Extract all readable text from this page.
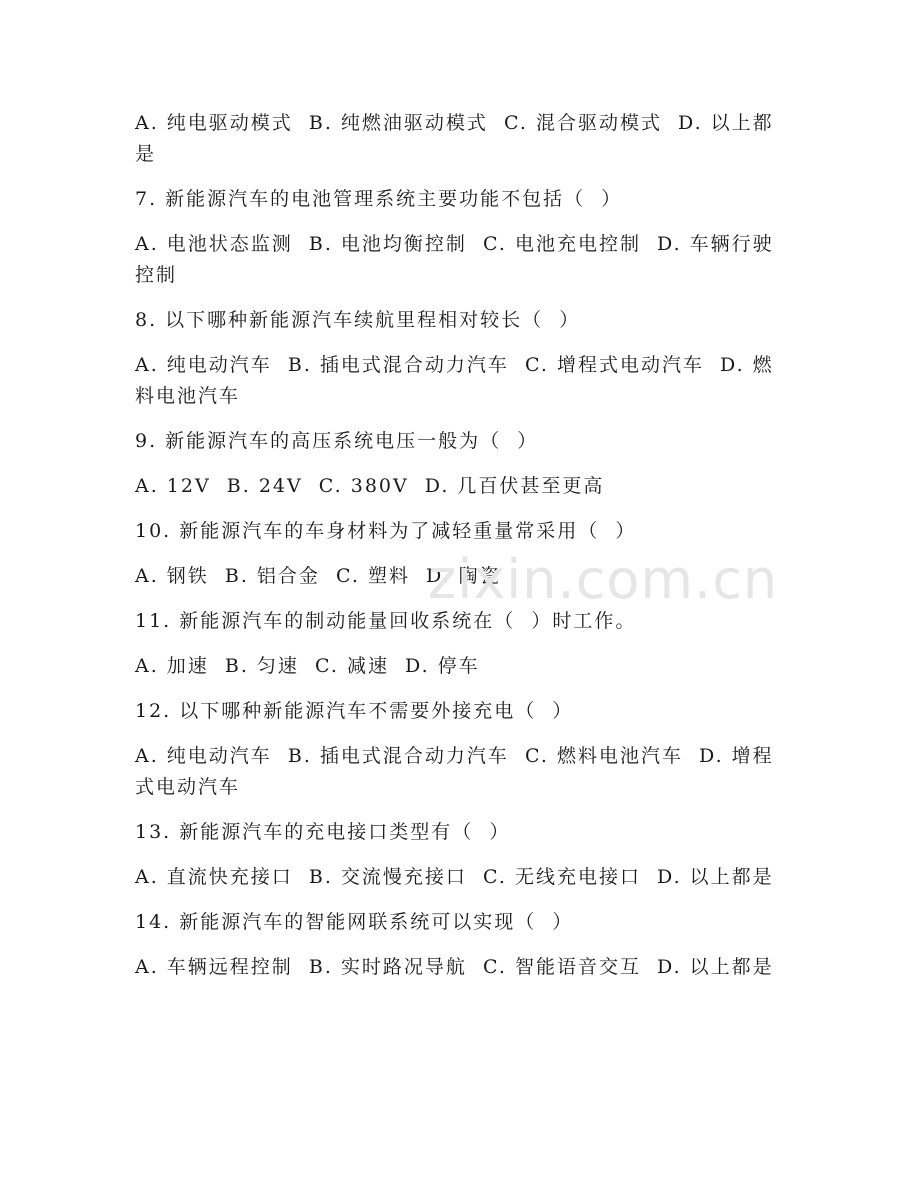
A. 纯电驱动模式  B. 纯燃油驱动模式  C. 混合驱动模式  D. 以上都是

7. 新能源汽车的电池管理系统主要功能不包括（  ）

A. 电池状态监测  B. 电池均衡控制  C. 电池充电控制  D. 车辆行驶控制

8. 以下哪种新能源汽车续航里程相对较长（  ）

A. 纯电动汽车  B. 插电式混合动力汽车  C. 增程式电动汽车  D. 燃料电池汽车

9. 新能源汽车的高压系统电压一般为（  ）

A. 12V  B. 24V  C. 380V  D. 几百伏甚至更高

10. 新能源汽车的车身材料为了减轻重量常采用（  ）

A. 钢铁  B. 铝合金  C. 塑料  D. 陶瓷

11. 新能源汽车的制动能量回收系统在（  ）时工作。

A. 加速  B. 匀速  C. 减速  D. 停车

12. 以下哪种新能源汽车不需要外接充电（  ）

A. 纯电动汽车  B. 插电式混合动力汽车  C. 燃料电池汽车  D. 增程式电动汽车

13. 新能源汽车的充电接口类型有（  ）

A. 直流快充接口  B. 交流慢充接口  C. 无线充电接口  D. 以上都是

14. 新能源汽车的智能网联系统可以实现（  ）

A. 车辆远程控制  B. 实时路况导航  C. 智能语音交互  D. 以上都是

zixin.com.cn
